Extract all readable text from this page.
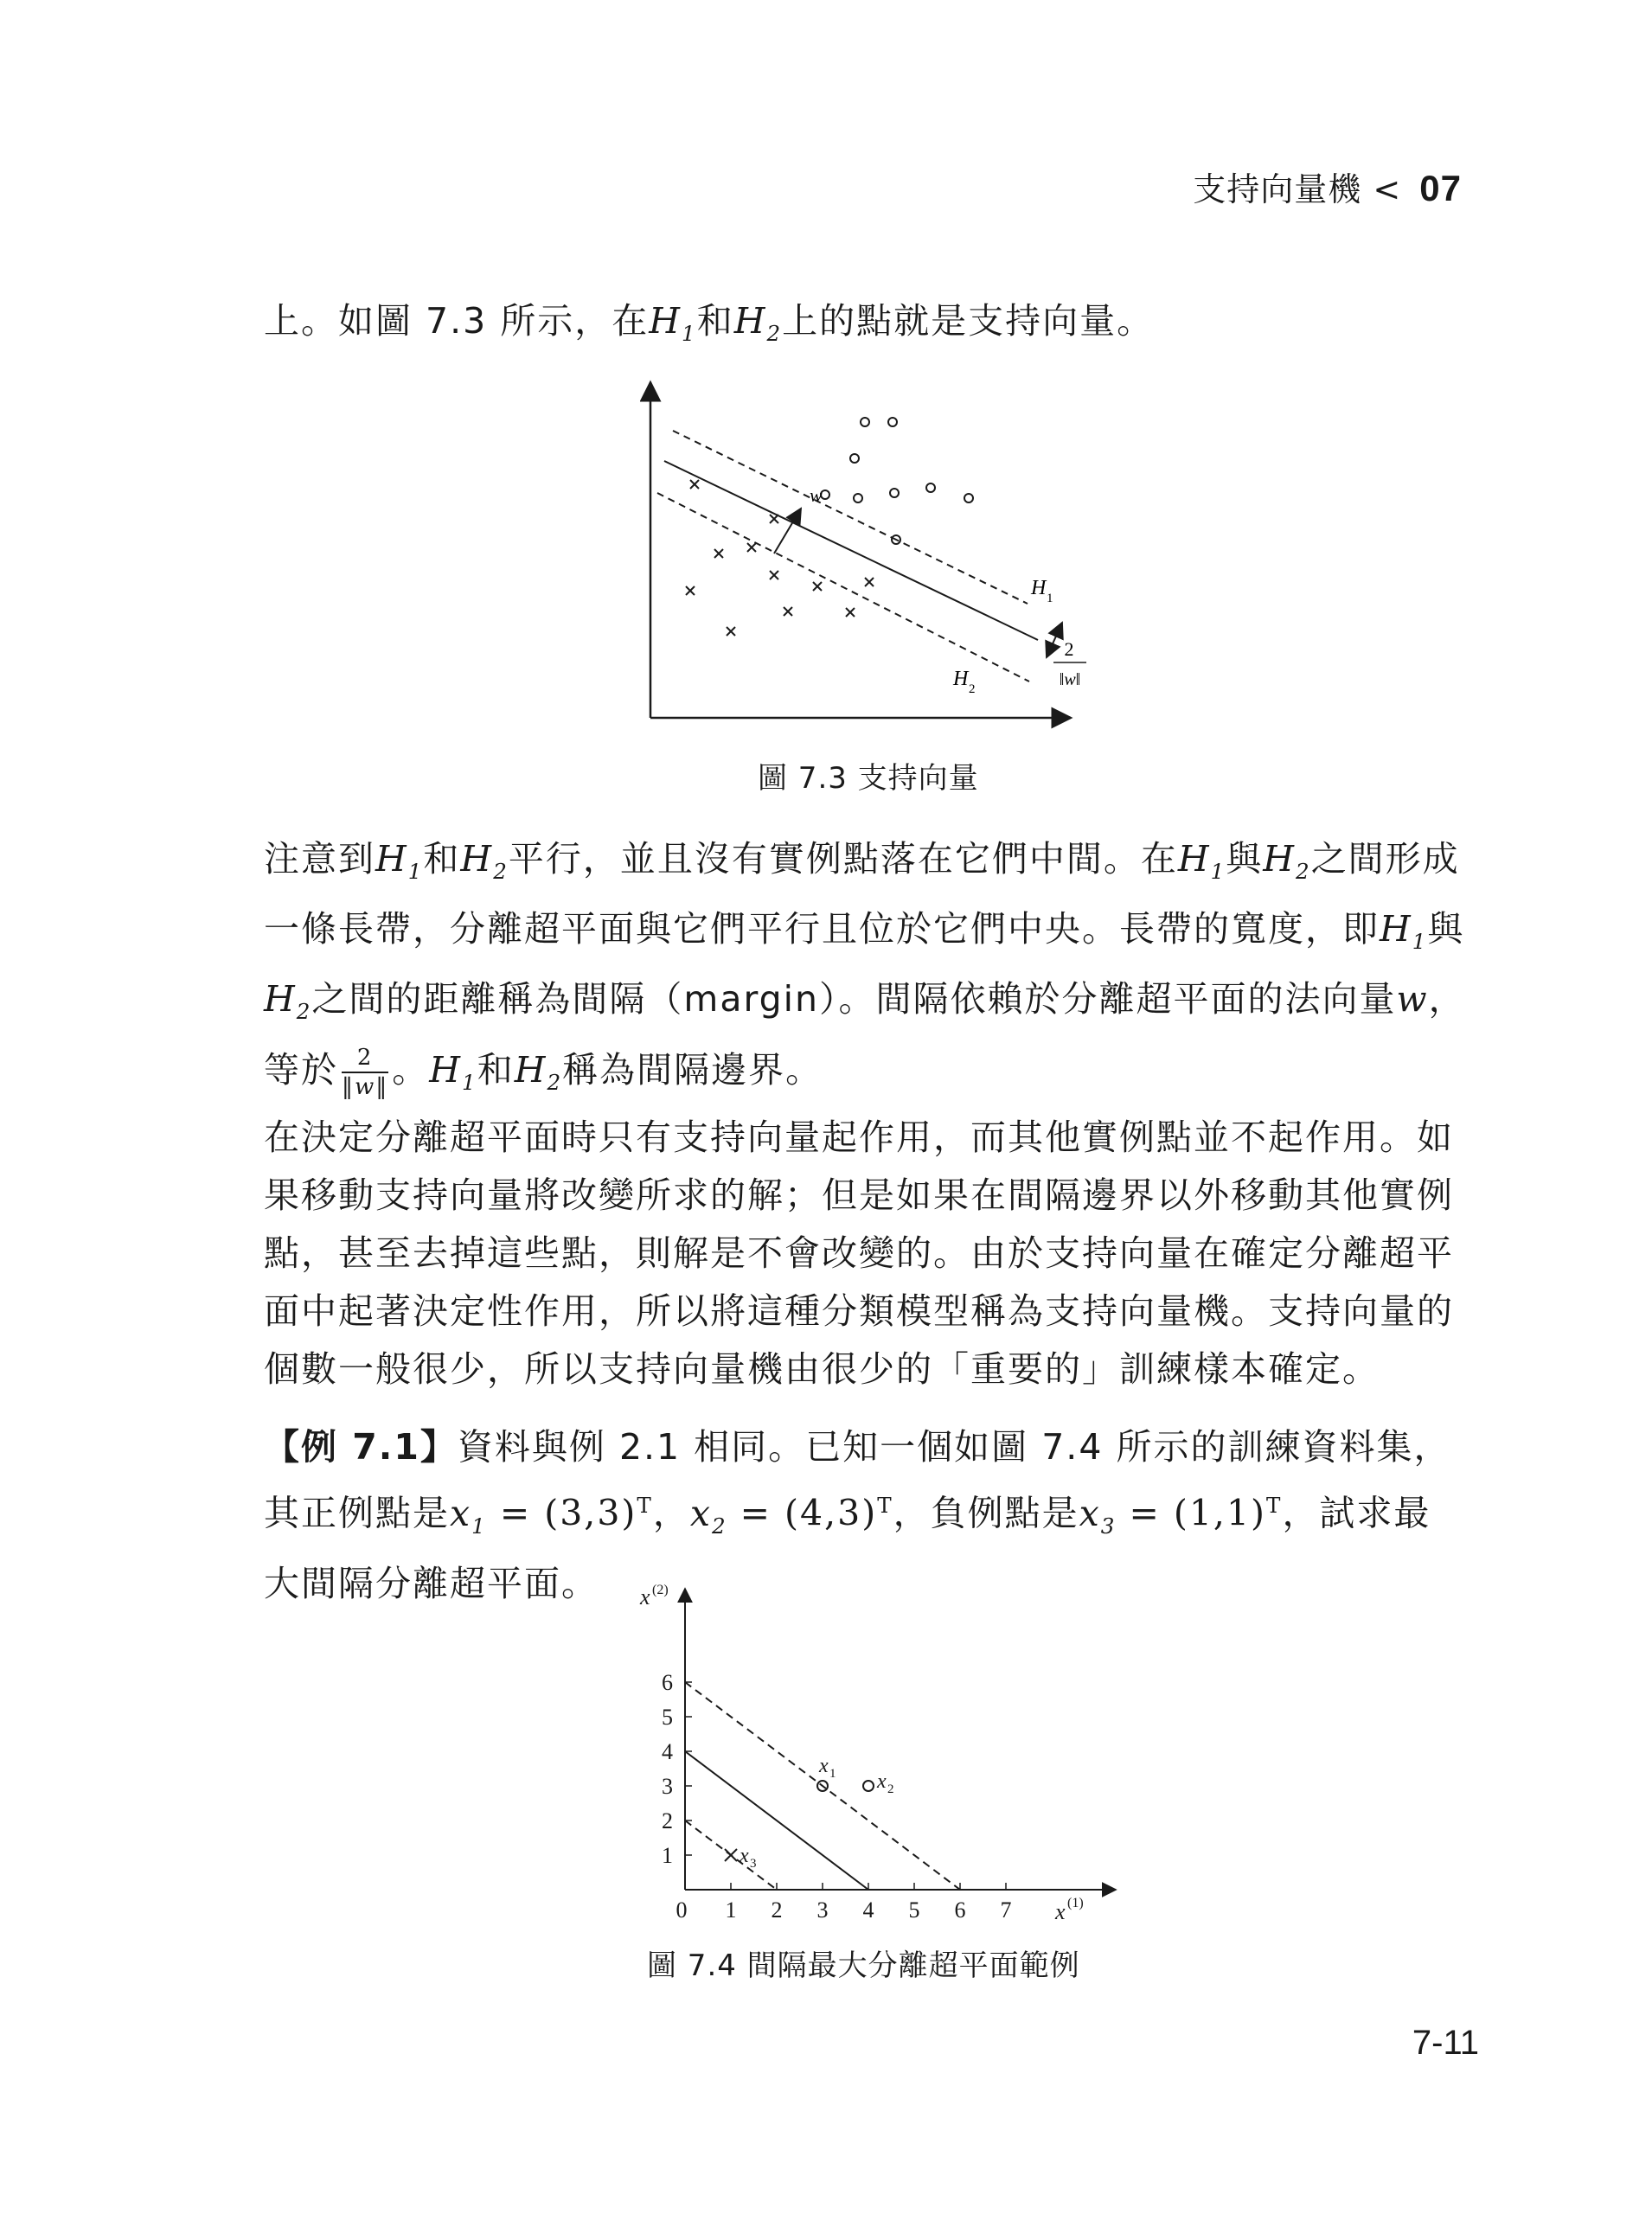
支持向量機 < 07

上。如圖 7.3 所示，在$H_1$和$H_2$上的點就是支持向量。

w
H 1
H 2
2
‖w‖
圖 7.3 支持向量

注意到$H_1$和$H_2$平行，並且沒有實例點落在它們中間。在$H_1$與$H_2$之間形成一條長帶，分離超平面與它們平行且位於它們中央。長帶的寬度，即$H_1$與$H_2$之間的距離稱為間隔（margin）。間隔依賴於分離超平面的法向量w，等於 $\frac{2}{‖w‖}$ 。$H_1$和$H_2$稱為間隔邊界。

在決定分離超平面時只有支持向量起作用，而其他實例點並不起作用。如果移動支持向量將改變所求的解；但是如果在間隔邊界以外移動其他實例點，甚至去掉這些點，則解是不會改變的。由於支持向量在確定分離超平面中起著決定性作用，所以將這種分類模型稱為支持向量機。支持向量的個數一般很少，所以支持向量機由很少的「重要的」訓練樣本確定。

【例 7.1】資料與例 2.1 相同。已知一個如圖 7.4 所示的訓練資料集，其正例點是$x_1 = (3,3)^T$，$x_2 = (4,3)^T$，負例點是$x_3 = (1,1)^T$，試求最大間隔分離超平面。

0 1 2 3 4 5 6 7
1
2
3
4
5
6
x (2)
x (1)
x 1 x 2
x 3
圖 7.4 間隔最大分離超平面範例
7-11
